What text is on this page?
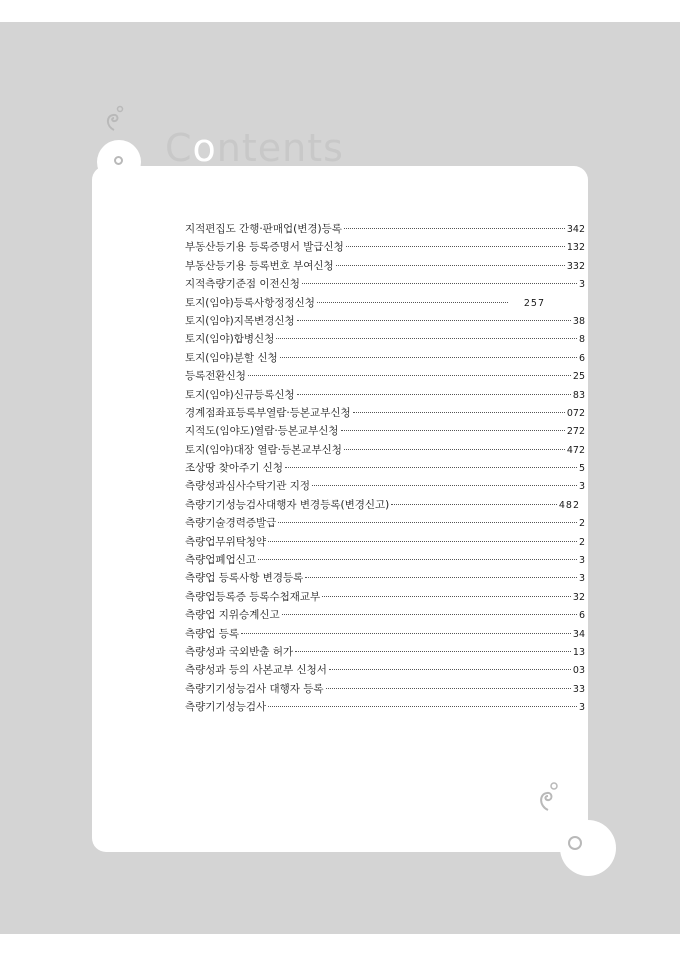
Contents
지적편집도 간행·판매업(변경)등록	342
부동산등기용 등록증명서 발급신청	132
부동산등기용 등록번호 부여신청	332
지적측량기준점 이전신청	3
토지(임야)등록사항정정신청	257
토지(임야)지목변경신청	38
토지(임야)합병신청	8
토지(임야)분할 신청	6
등록전환신청	25
토지(임야)신규등록신청	83
경계점좌표등록부열람·등본교부신청	072
지적도(임야도)열람·등본교부신청	272
토지(임야)대장 열람·등본교부신청	472
조상땅 찾아주기 신청	5
측량성과심사수탁기관 지정	3
측량기기성능검사대행자 변경등록(변경신고)	482
측량기술경력증발급	2
측량업무위탁청약	2
측량업폐업신고	3
측량업 등록사항 변경등록	3
측량업등록증 등록수첩재교부	32
측량업 지위승계신고	6
측량업 등록	34
측량성과 국외반출 허가	13
측량성과 등의 사본교부 신청서	03
측량기기성능검사 대행자 등록	33
측량기기성능검사	3
